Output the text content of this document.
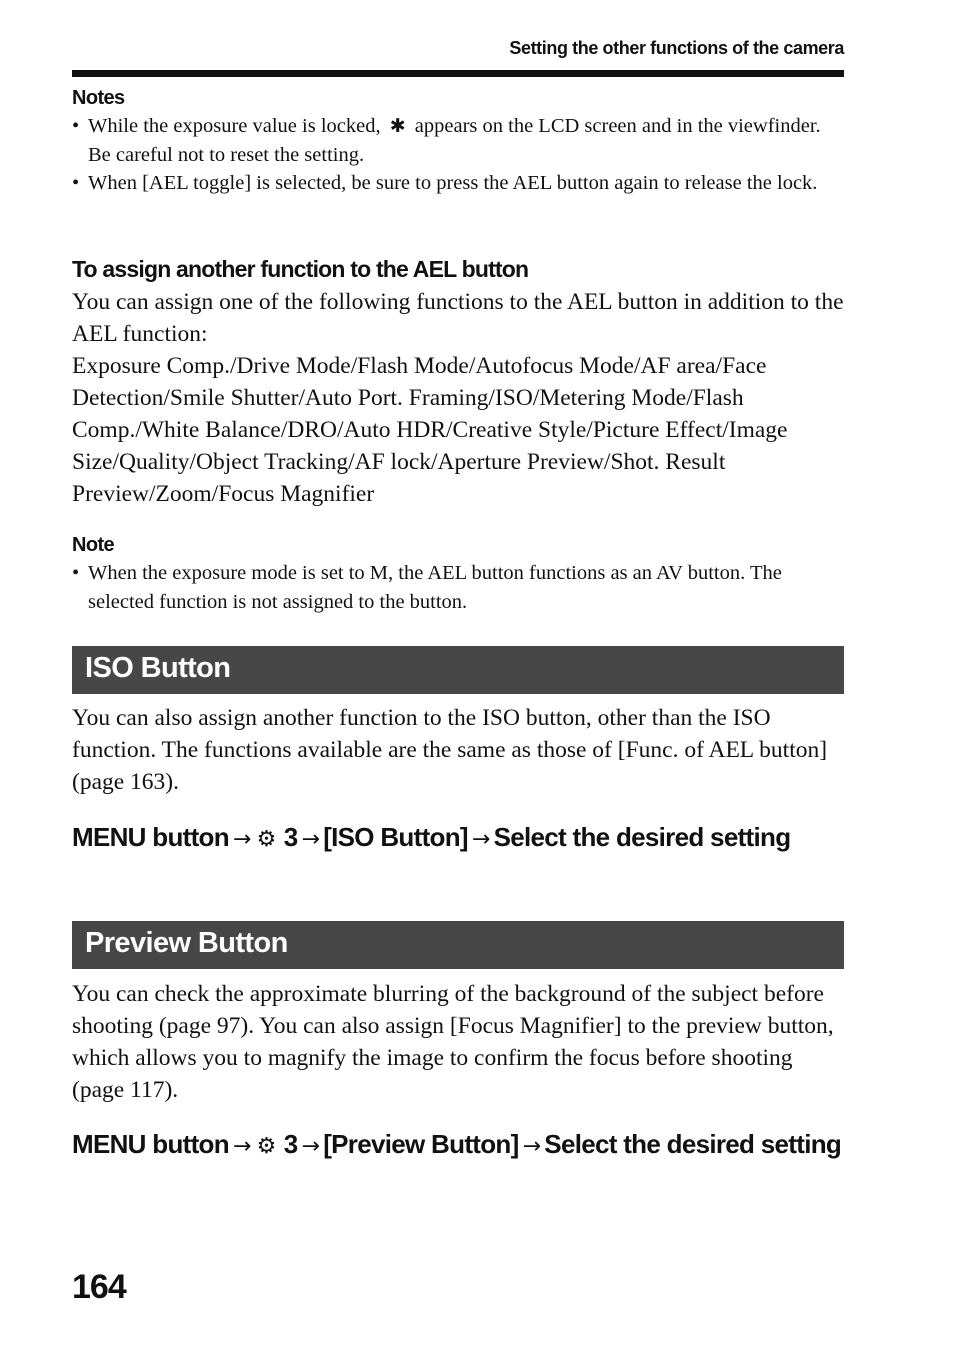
Setting the other functions of the camera
Notes
• While the exposure value is locked, ✱ appears on the LCD screen and in the viewfinder. Be careful not to reset the setting.
• When [AEL toggle] is selected, be sure to press the AEL button again to release the lock.
To assign another function to the AEL button

You can assign one of the following functions to the AEL button in addition to the AEL function:

Exposure Comp./Drive Mode/Flash Mode/Autofocus Mode/AF area/Face Detection/Smile Shutter/Auto Port. Framing/ISO/Metering Mode/Flash Comp./White Balance/DRO/Auto HDR/Creative Style/Picture Effect/Image Size/Quality/Object Tracking/AF lock/Aperture Preview/Shot. Result Preview/Zoom/Focus Magnifier

Note
• When the exposure mode is set to M, the AEL button functions as an AV button. The selected function is not assigned to the button.
ISO Button

You can also assign another function to the ISO button, other than the ISO function. The functions available are the same as those of [Func. of AEL button] (page 163).

MENU button → ⚙ 3 → [ISO Button] → Select the desired setting
Preview Button

You can check the approximate blurring of the background of the subject before shooting (page 97). You can also assign [Focus Magnifier] to the preview button, which allows you to magnify the image to confirm the focus before shooting (page 117).

MENU button → ⚙ 3 → [Preview Button] → Select the desired setting
164
